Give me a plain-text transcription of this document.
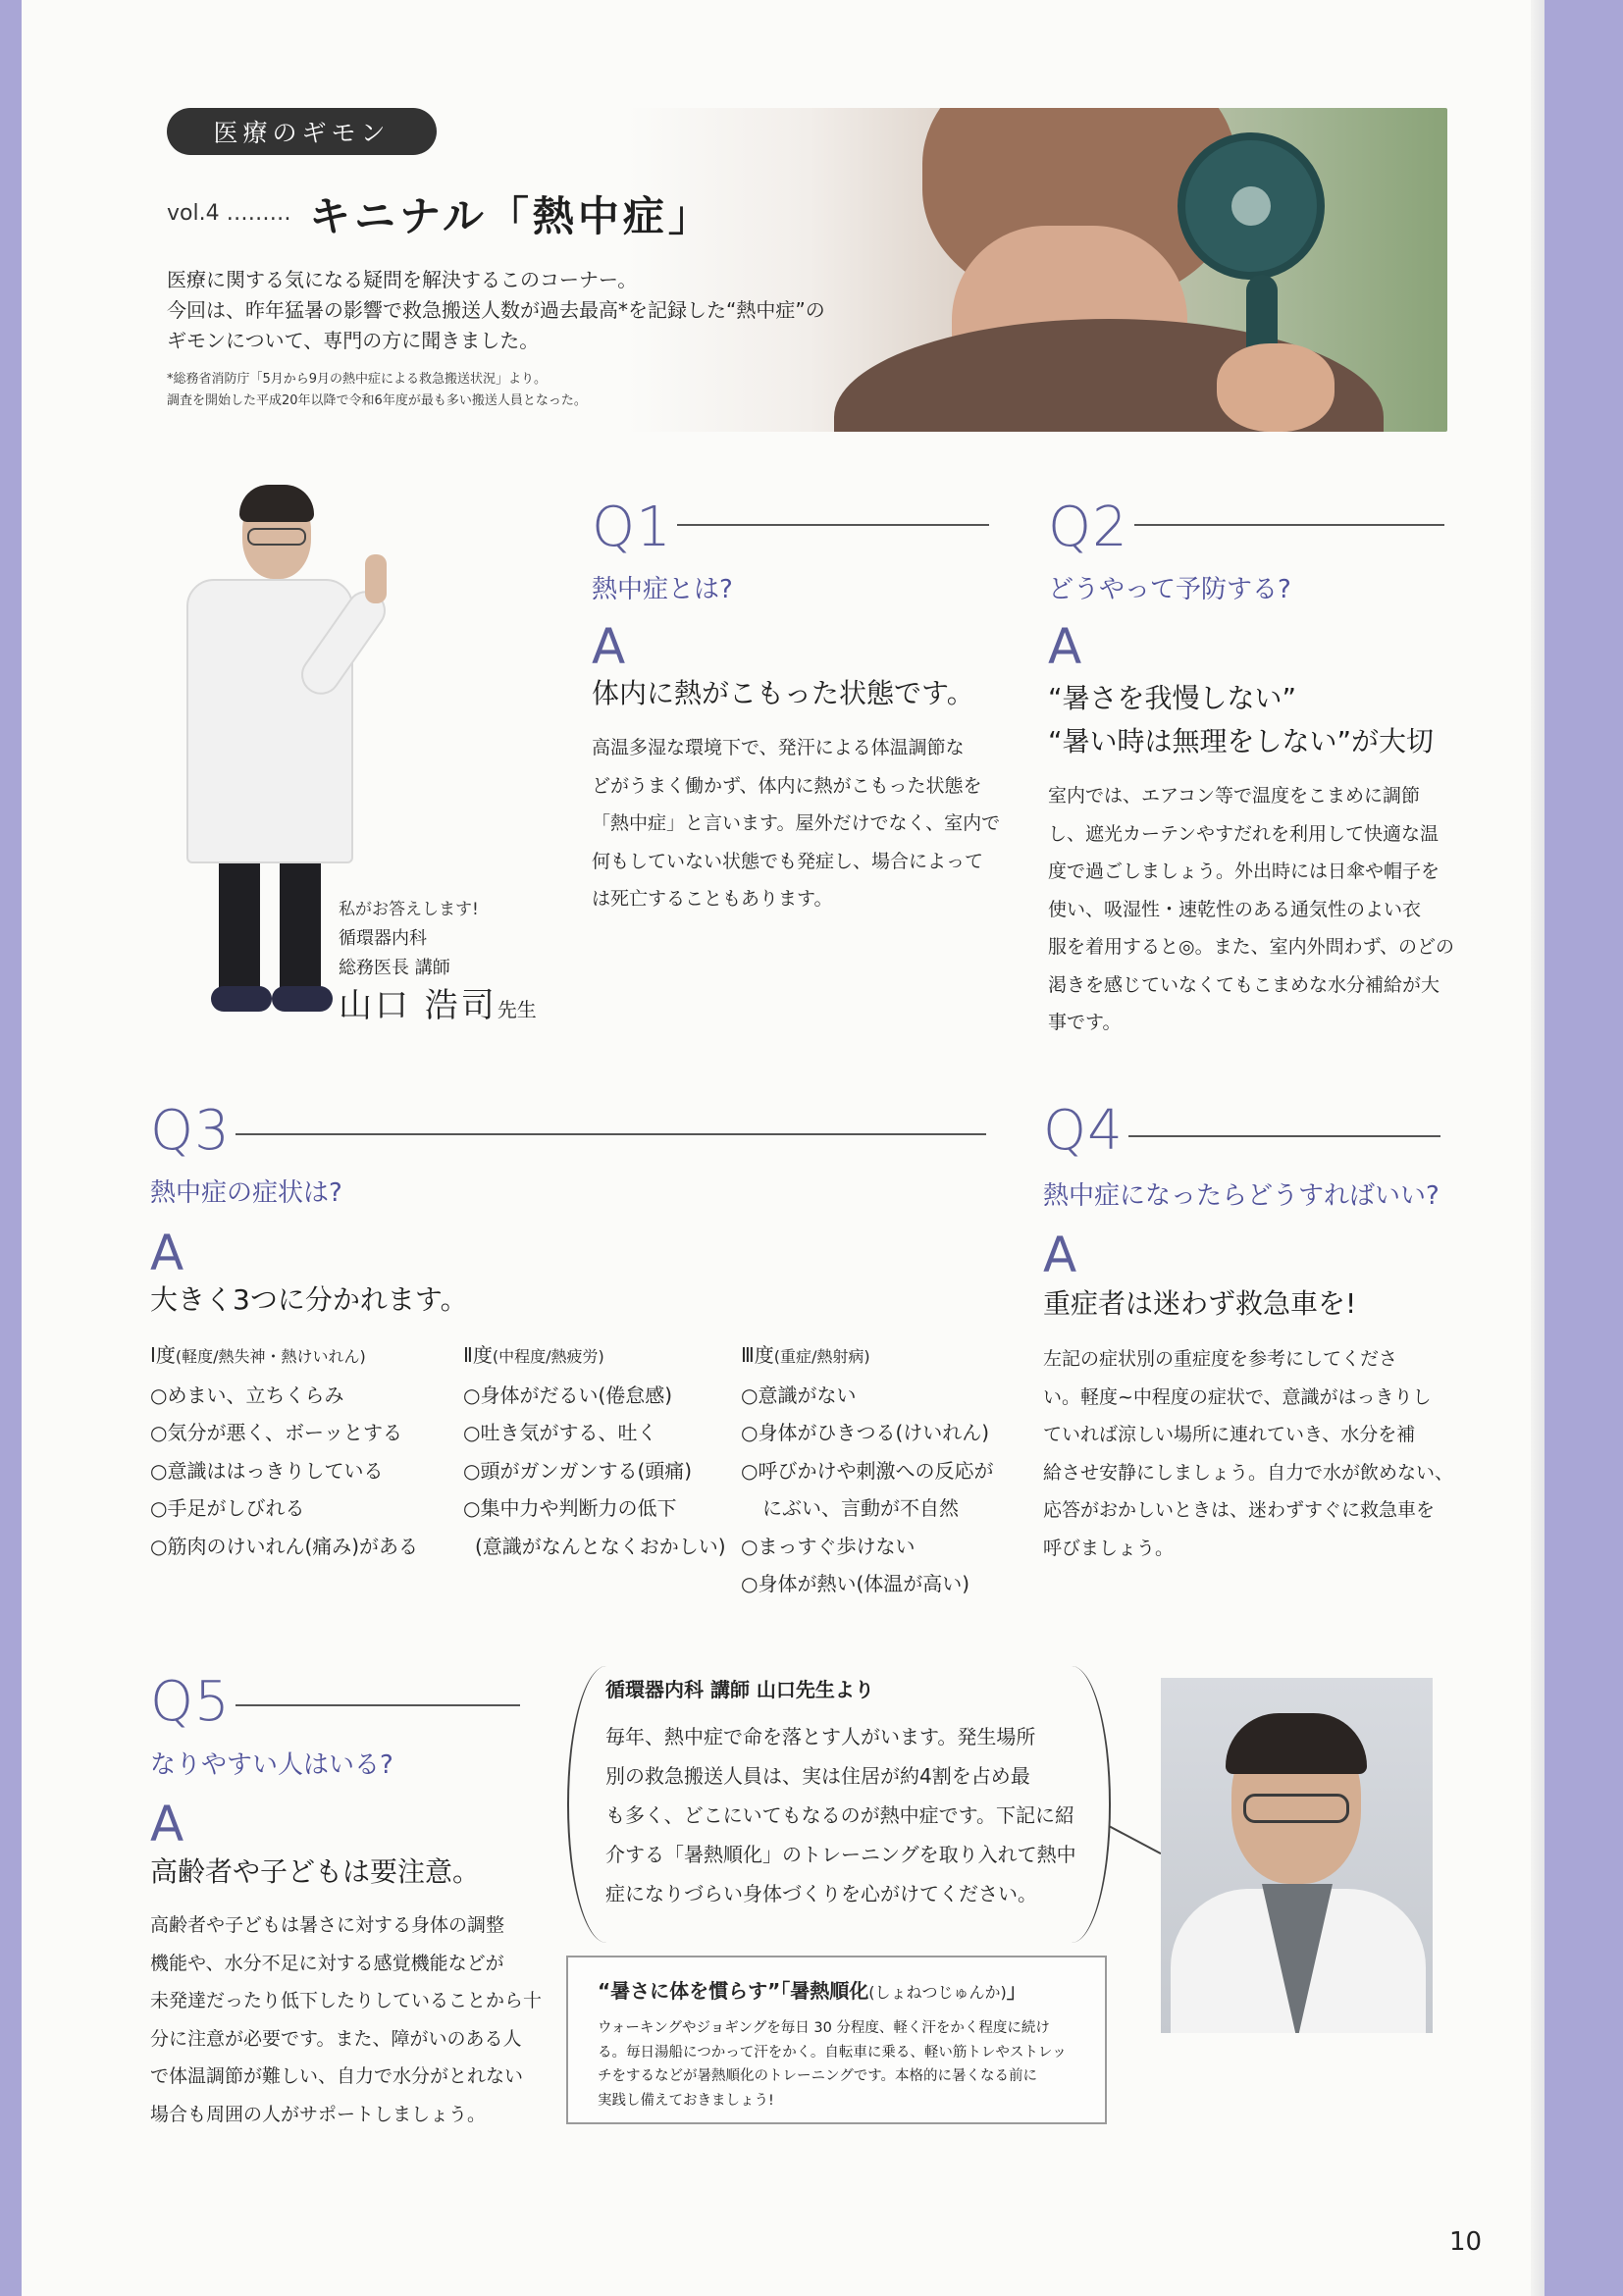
医療のギモン
vol.4 ……… キニナル「熱中症」

医療に関する気になる疑問を解決するこのコーナー。

今回は、昨年猛暑の影響で救急搬送人数が過去最高*を記録した“熱中症”の

ギモンについて、専門の方に聞きました。

*総務省消防庁「5月から9月の熱中症による救急搬送状況」より。

調査を開始した平成20年以降で令和6年度が最も多い搬送人員となった。

私がお答えします!
循環器内科
総務医長 講師
山口 浩司先生
Q1
熱中症とは?
A
体内に熱がこもった状態です。

高温多湿な環境下で、発汗による体温調節な

どがうまく働かず、体内に熱がこもった状態を

「熱中症」と言います。屋外だけでなく、室内で

何もしていない状態でも発症し、場合によって

は死亡することもあります。

Q2
どうやって予防する?
A
“暑さを我慢しない”
“暑い時は無理をしない”が大切

室内では、エアコン等で温度をこまめに調節

し、遮光カーテンやすだれを利用して快適な温

度で過ごしましょう。外出時には日傘や帽子を

使い、吸湿性・速乾性のある通気性のよい衣

服を着用すると◎。また、室内外問わず、のどの

渇きを感じていなくてもこまめな水分補給が大

事です。

Q3
熱中症の症状は?
A
大きく3つに分かれます。

Ⅰ度(軽度/熱失神・熱けいれん)

○めまい、立ちくらみ

○気分が悪く、ボーッとする

○意識ははっきりしている

○手足がしびれる

○筋肉のけいれん(痛み)がある

Ⅱ度(中程度/熱疲労)

○身体がだるい(倦怠感)

○吐き気がする、吐く

○頭がガンガンする(頭痛)

○集中力や判断力の低下

(意識がなんとなくおかしい)

Ⅲ度(重症/熱射病)

○意識がない

○身体がひきつる(けいれん)

○呼びかけや刺激への反応が

にぶい、言動が不自然

○まっすぐ歩けない

○身体が熱い(体温が高い)

Q4
熱中症になったらどうすればいい?
A
重症者は迷わず救急車を!

左記の症状別の重症度を参考にしてくださ

い。軽度~中程度の症状で、意識がはっきりし

ていれば涼しい場所に連れていき、水分を補

給させ安静にしましょう。自力で水が飲めない、

応答がおかしいときは、迷わずすぐに救急車を

呼びましょう。

Q5
なりやすい人はいる?
A
高齢者や子どもは要注意。

高齢者や子どもは暑さに対する身体の調整

機能や、水分不足に対する感覚機能などが

未発達だったり低下したりしていることから十

分に注意が必要です。また、障がいのある人

で体温調節が難しい、自力で水分がとれない

場合も周囲の人がサポートしましょう。

循環器内科 講師 山口先生より

毎年、熱中症で命を落とす人がいます。発生場所

別の救急搬送人員は、実は住居が約4割を占め最

も多く、どこにいてもなるのが熱中症です。下記に紹

介する「暑熱順化」のトレーニングを取り入れて熱中

症になりづらい身体づくりを心がけてください。

“暑さに体を慣らす”「暑熱順化(しょねつじゅんか)」

ウォーキングやジョギングを毎日 30 分程度、軽く汗をかく程度に続け

る。毎日湯船につかって汗をかく。自転車に乗る、軽い筋トレやストレッ

チをするなどが暑熱順化のトレーニングです。本格的に暑くなる前に

実践し備えておきましょう!

10
